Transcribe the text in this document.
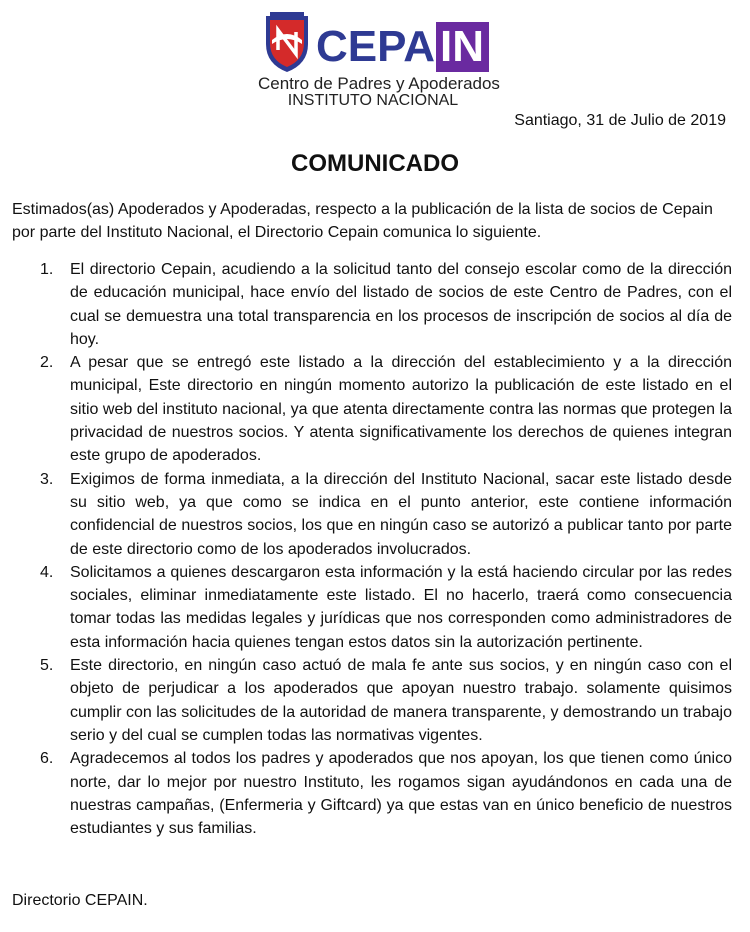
CEPA IN
Centro de Padres y Apoderados
INSTITUTO NACIONAL
Santiago, 31 de Julio de 2019
COMUNICADO
Estimados(as) Apoderados y Apoderadas, respecto a la publicación de la lista de socios de Cepain por parte del Instituto Nacional, el Directorio Cepain comunica lo siguiente.
1.	El directorio Cepain, acudiendo a la solicitud tanto del consejo escolar como de la dirección de educación municipal, hace envío del listado de socios de este Centro de Padres, con el cual se demuestra una total transparencia en los procesos de inscripción de socios al día de hoy.
2.	A pesar que se entregó este listado a la dirección del establecimiento y a la dirección municipal, Este directorio en ningún momento autorizo la publicación de este listado en el sitio web del instituto nacional, ya que atenta directamente contra las normas que protegen la privacidad de nuestros socios. Y atenta significativamente los derechos de quienes integran este grupo de apoderados.
3.	Exigimos de forma inmediata, a la dirección del Instituto Nacional, sacar este listado desde su sitio web, ya que como se indica en el punto anterior, este contiene información confidencial de nuestros socios, los que en ningún caso se autorizó a publicar tanto por parte de este directorio como de los apoderados involucrados.
4.	Solicitamos a quienes descargaron esta información y la está haciendo circular por las redes sociales, eliminar inmediatamente este listado. El no hacerlo, traerá como consecuencia tomar todas las medidas legales y jurídicas que nos corresponden como administradores de esta información hacia quienes tengan estos datos sin la autorización pertinente.
5.	Este directorio, en ningún caso actuó de mala fe ante sus socios, y en ningún caso con el objeto de perjudicar a los apoderados que apoyan nuestro trabajo. solamente quisimos cumplir con las solicitudes de la autoridad de manera transparente, y demostrando un trabajo serio y del cual se cumplen todas las normativas vigentes.
6.	Agradecemos al todos los padres y apoderados que nos apoyan, los que tienen como único norte, dar lo mejor por nuestro Instituto, les rogamos sigan ayudándonos en cada una de nuestras campañas, (Enfermeria y Giftcard) ya que estas van en único beneficio de nuestros estudiantes y sus familias.
Directorio CEPAIN.
